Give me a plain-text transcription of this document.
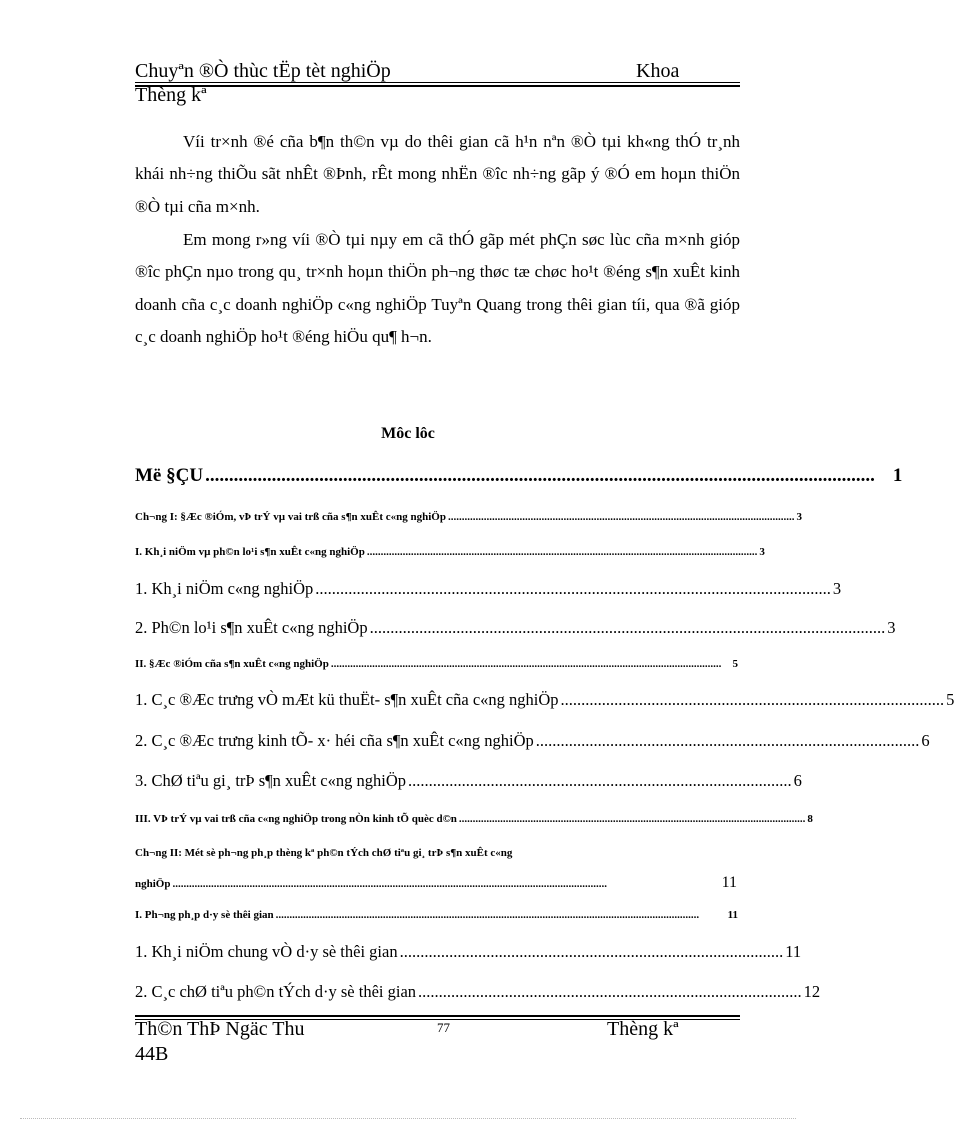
Chuyªn ®Ò thùc tËp tèt nghiÖp	Khoa
Thèng kª
Víi tr×nh ®é cña b¶n th©n vµ do thêi gian cã h¹n nªn ®Ò tµi kh«ng thÓ tr¸nh khái nh÷ng thiÕu sãt nhÊt ®Þnh, rÊt mong nhËn ®îc nh÷ng gãp ý ®Ó em hoµn thiÖn ®Ò tµi cña m×nh.
Em mong r»ng víi ®Ò tµi nµy em cã thÓ gãp mét phÇn søc lùc cña m×nh gióp ®îc phÇn nµo trong qu¸ tr×nh hoµn thiÖn ph¬ng thøc tæ chøc ho¹t ®éng s¶n xuÊt kinh doanh cña c¸c doanh nghiÖp c«ng nghiÖp Tuyªn Quang trong thêi gian tíi, qua ®ã gióp c¸c doanh nghiÖp ho¹t ®éng hiÖu qu¶ h¬n.
Môc lôc
Më §ÇU ............................................................................................................................................. 1
Ch¬ng I: §Æc ®iÓm, vÞ trÝ vµ vai trß cña s¶n xuÊt c«ng nghiÖp .............................................................................................................................. 3
I. Kh¸i niÖm vµ ph©n lo¹i s¶n xuÊt c«ng nghiÖp .............................................................................................................................................. 3
1. Kh¸i niÖm c«ng nghiÖp ............................................................................................................................. 3
2. Ph©n lo¹i s¶n xuÊt c«ng nghiÖp ............................................................................................................................. 3
II. §Æc ®iÓm cña s¶n xuÊt c«ng nghiÖp ..............................................................................................................................................	5
1. C¸c ®Æc trưng vÒ mÆt kü thuËt- s¶n xuÊt cña c«ng nghiÖp ............................................................................................. 5
2. C¸c ®Æc trưng kinh tÕ- x· héi cña s¶n xuÊt c«ng nghiÖp ............................................................................................. 6
3. ChØ tiªu gi¸ trÞ s¶n xuÊt c«ng nghiÖp ............................................................................................. 6
III. VÞ trÝ vµ vai trß cña c«ng nghiÖp trong nÒn kinh tÕ quèc d©n .............................................................................................................................. 8
Ch¬ng II: Mét sè ph¬ng ph¸p thèng kª ph©n tÝch chØ tiªu gi¸ trÞ s¶n xuÊt c«ng
nghiÖp ..............................................................................................................................................................	11
I. Ph¬ng ph¸p d·y sè thêi gian ..........................................................................................................................................................	11
1. Kh¸i niÖm chung vÒ d·y sè thêi gian ............................................................................................. 11
2. C¸c chØ tiªu ph©n tÝch d·y sè thêi gian ............................................................................................. 12
Th©n ThÞ Ngäc Thu	77	Thèng kª
44B
